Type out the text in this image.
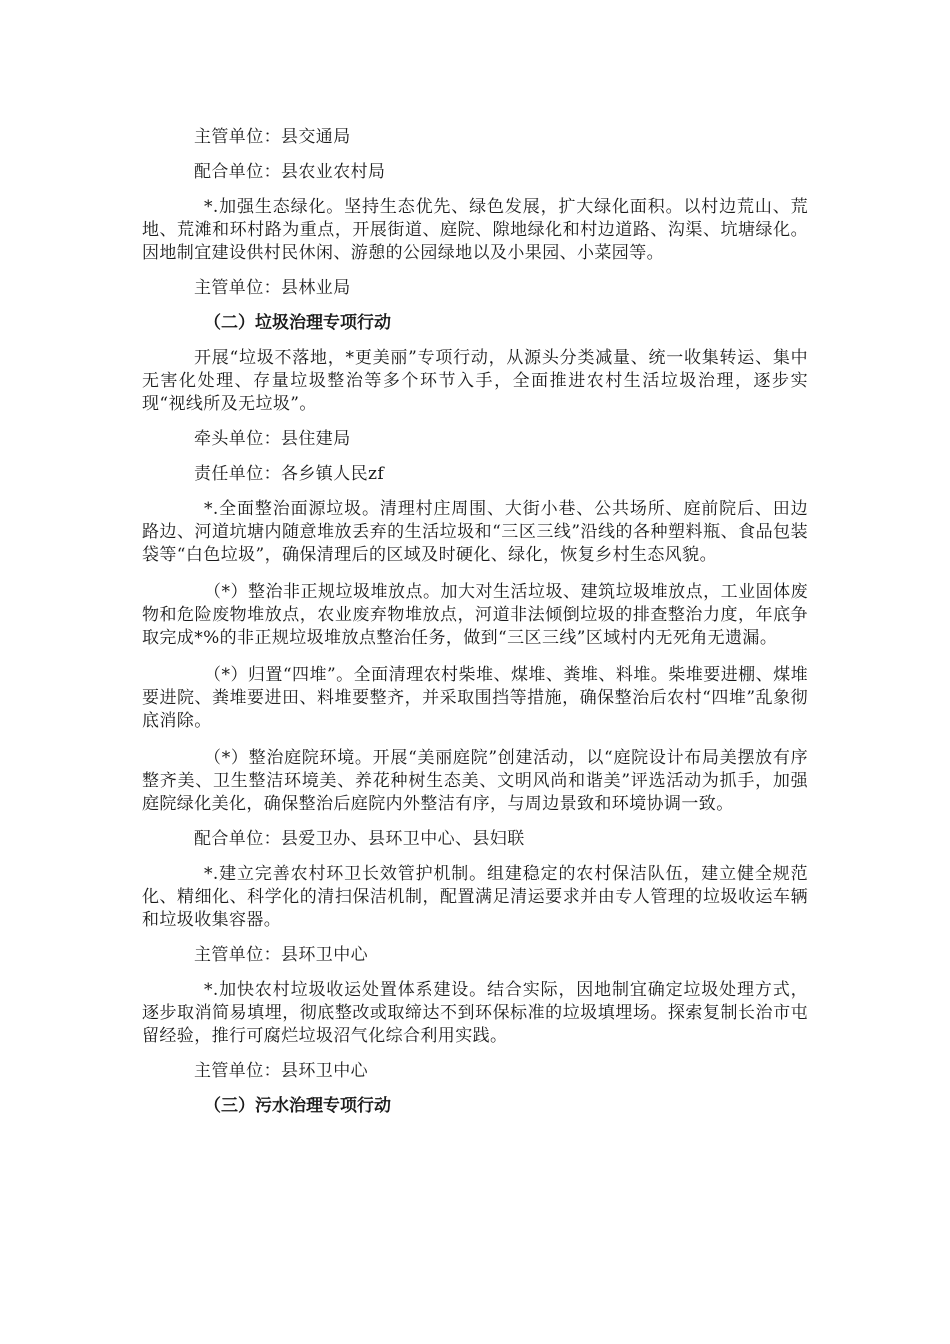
主管单位：县交通局
配合单位：县农业农村局

*.加强生态绿化。坚持生态优先、绿色发展，扩大绿化面积。以村边荒山、荒地、荒滩和环村路为重点，开展街道、庭院、隙地绿化和村边道路、沟渠、坑塘绿化。因地制宜建设供村民休闲、游憩的公园绿地以及小果园、小菜园等。

主管单位：县林业局
（二）垃圾治理专项行动

开展“垃圾不落地，*更美丽”专项行动，从源头分类减量、统一收集转运、集中无害化处理、存量垃圾整治等多个环节入手，全面推进农村生活垃圾治理，逐步实现“视线所及无垃圾”。

牵头单位：县住建局
责任单位：各乡镇人民zf

*.全面整治面源垃圾。清理村庄周围、大街小巷、公共场所、庭前院后、田边路边、河道坑塘内随意堆放丢弃的生活垃圾和“三区三线”沿线的各种塑料瓶、食品包装袋等“白色垃圾”，确保清理后的区域及时硬化、绿化，恢复乡村生态风貌。

（*）整治非正规垃圾堆放点。加大对生活垃圾、建筑垃圾堆放点，工业固体废物和危险废物堆放点，农业废弃物堆放点，河道非法倾倒垃圾的排查整治力度，年底争取完成*%的非正规垃圾堆放点整治任务，做到“三区三线”区域村内无死角无遗漏。

（*）归置“四堆”。全面清理农村柴堆、煤堆、粪堆、料堆。柴堆要进棚、煤堆要进院、粪堆要进田、料堆要整齐，并采取围挡等措施，确保整治后农村“四堆”乱象彻底消除。

（*）整治庭院环境。开展“美丽庭院”创建活动，以“庭院设计布局美摆放有序整齐美、卫生整洁环境美、养花种树生态美、文明风尚和谐美”评选活动为抓手，加强庭院绿化美化，确保整治后庭院内外整洁有序，与周边景致和环境协调一致。

配合单位：县爱卫办、县环卫中心、县妇联

*.建立完善农村环卫长效管护机制。组建稳定的农村保洁队伍，建立健全规范化、精细化、科学化的清扫保洁机制，配置满足清运要求并由专人管理的垃圾收运车辆和垃圾收集容器。

主管单位：县环卫中心

*.加快农村垃圾收运处置体系建设。结合实际，因地制宜确定垃圾处理方式，逐步取消简易填埋，彻底整改或取缔达不到环保标准的垃圾填埋场。探索复制长治市屯留经验，推行可腐烂垃圾沼气化综合利用实践。

主管单位：县环卫中心
（三）污水治理专项行动
